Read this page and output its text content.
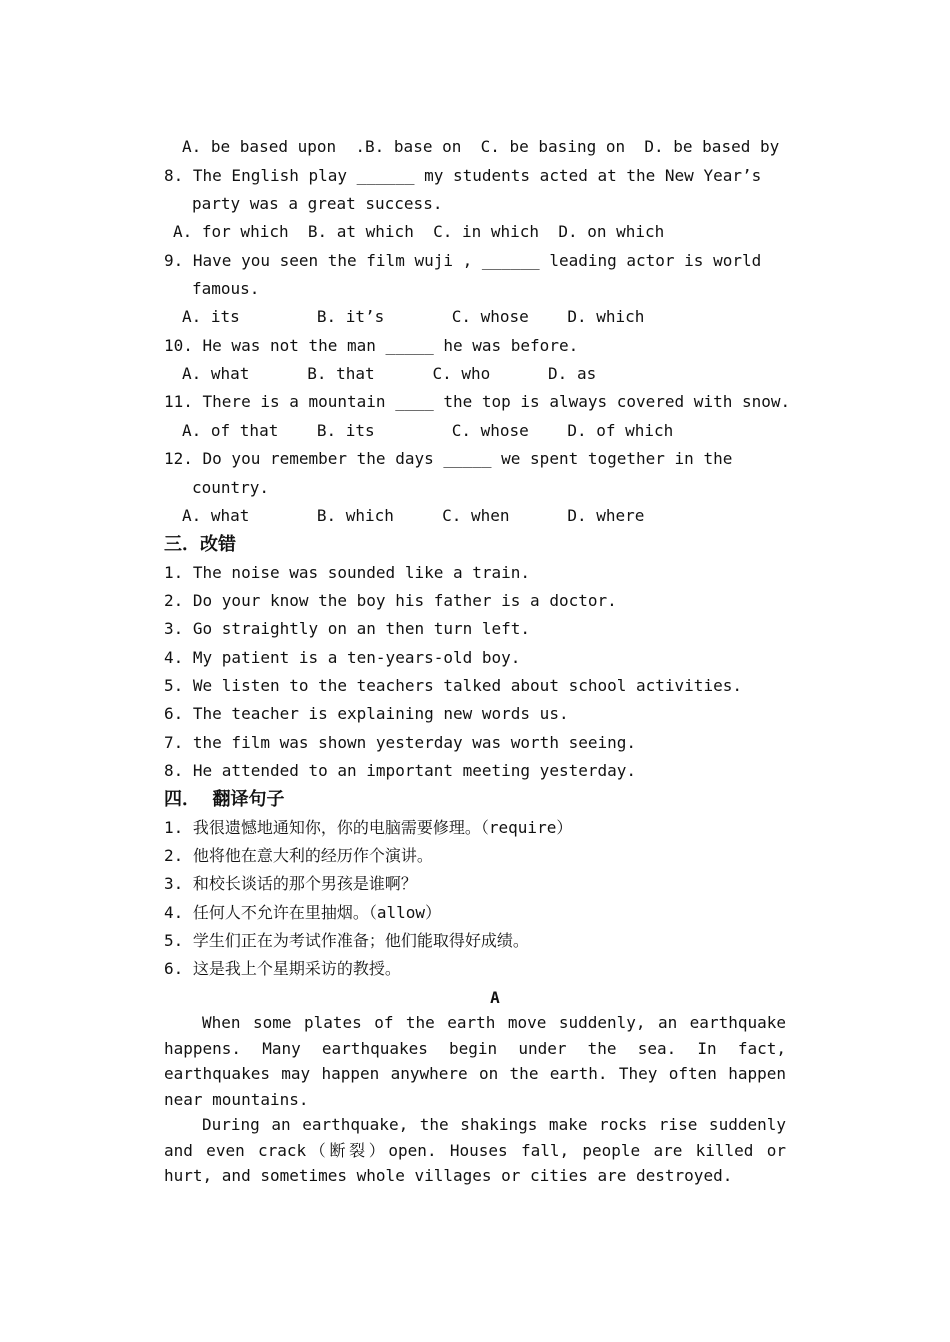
A. be based upon  .B. base on  C. be basing on  D. be based by
8. The English play ______ my students acted at the New Year’s
party was a great success.
A. for which  B. at which  C. in which  D. on which
9. Have you seen the film wuji , ______ leading actor is world
famous.
A. its        B. it’s       C. whose    D. which
10. He was not the man _____ he was before.
A. what      B. that      C. who      D. as
11. There is a mountain ____ the top is always covered with snow.
A. of that    B. its        C. whose    D. of which
12. Do you remember the days _____ we spent together in the
country.
A. what       B. which     C. when      D. where
三．改错
1. The noise was sounded like a train.
2. Do your know the boy his father is a doctor.
3. Go straightly on an then turn left.
4. My patient is a ten-years-old boy.
5. We listen to the teachers talked about school activities.
6. The teacher is explaining new words us.
7. the film was shown yesterday was worth seeing.
8. He attended to an important meeting yesterday.
四．  翻译句子
1. 我很遗憾地通知你，你的电脑需要修理。（require）
2. 他将他在意大利的经历作个演讲。
3. 和校长谈话的那个男孩是谁啊？
4. 任何人不允许在里抽烟。（allow）
5. 学生们正在为考试作准备；他们能取得好成绩。
6. 这是我上个星期采访的教授。
A

When some plates of the earth move suddenly, an earthquake happens. Many earthquakes begin under the sea. In fact, earthquakes may happen anywhere on the earth. They often happen near mountains.

During an earthquake, the shakings make rocks rise suddenly and even crack（断裂）open. Houses fall, people are killed or hurt, and sometimes whole villages or cities are destroyed.
